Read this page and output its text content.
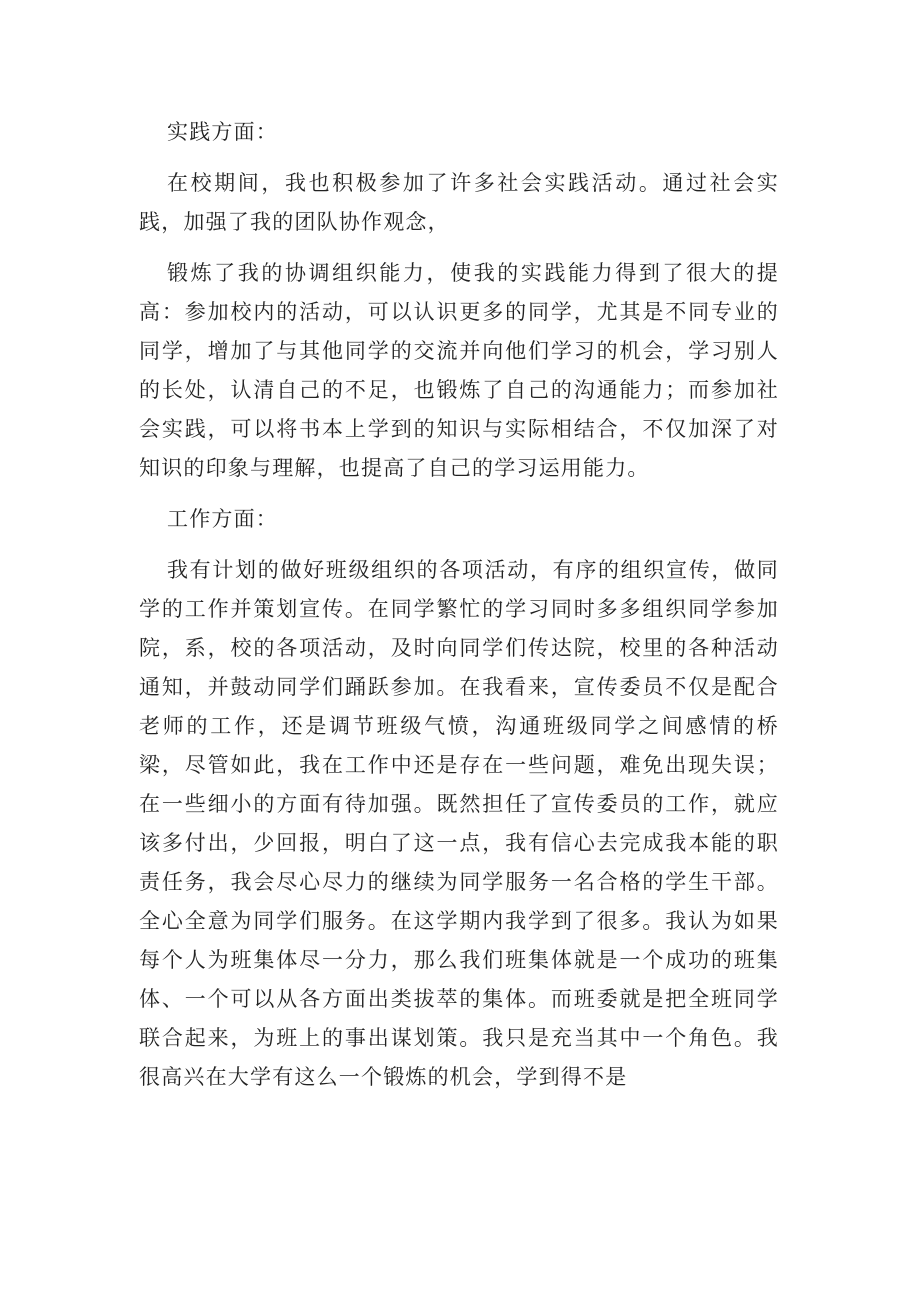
实践方面：

在校期间，我也积极参加了许多社会实践活动。通过社会实践，加强了我的团队协作观念，

锻炼了我的协调组织能力，使我的实践能力得到了很大的提高：参加校内的活动，可以认识更多的同学，尤其是不同专业的同学，增加了与其他同学的交流并向他们学习的机会，学习别人的长处，认清自己的不足，也锻炼了自己的沟通能力；而参加社会实践，可以将书本上学到的知识与实际相结合，不仅加深了对知识的印象与理解，也提高了自己的学习运用能力。

工作方面：

我有计划的做好班级组织的各项活动，有序的组织宣传，做同学的工作并策划宣传。在同学繁忙的学习同时多多组织同学参加院，系，校的各项活动，及时向同学们传达院，校里的各种活动通知，并鼓动同学们踊跃参加。在我看来，宣传委员不仅是配合老师的工作，还是调节班级气愤，沟通班级同学之间感情的桥梁，尽管如此，我在工作中还是存在一些问题，难免出现失误；在一些细小的方面有待加强。既然担任了宣传委员的工作，就应该多付出，少回报，明白了这一点，我有信心去完成我本能的职责任务，我会尽心尽力的继续为同学服务一名合格的学生干部。全心全意为同学们服务。在这学期内我学到了很多。我认为如果每个人为班集体尽一分力，那么我们班集体就是一个成功的班集体、一个可以从各方面出类拔萃的集体。而班委就是把全班同学联合起来，为班上的事出谋划策。我只是充当其中一个角色。我很高兴在大学有这么一个锻炼的机会，学到得不是
